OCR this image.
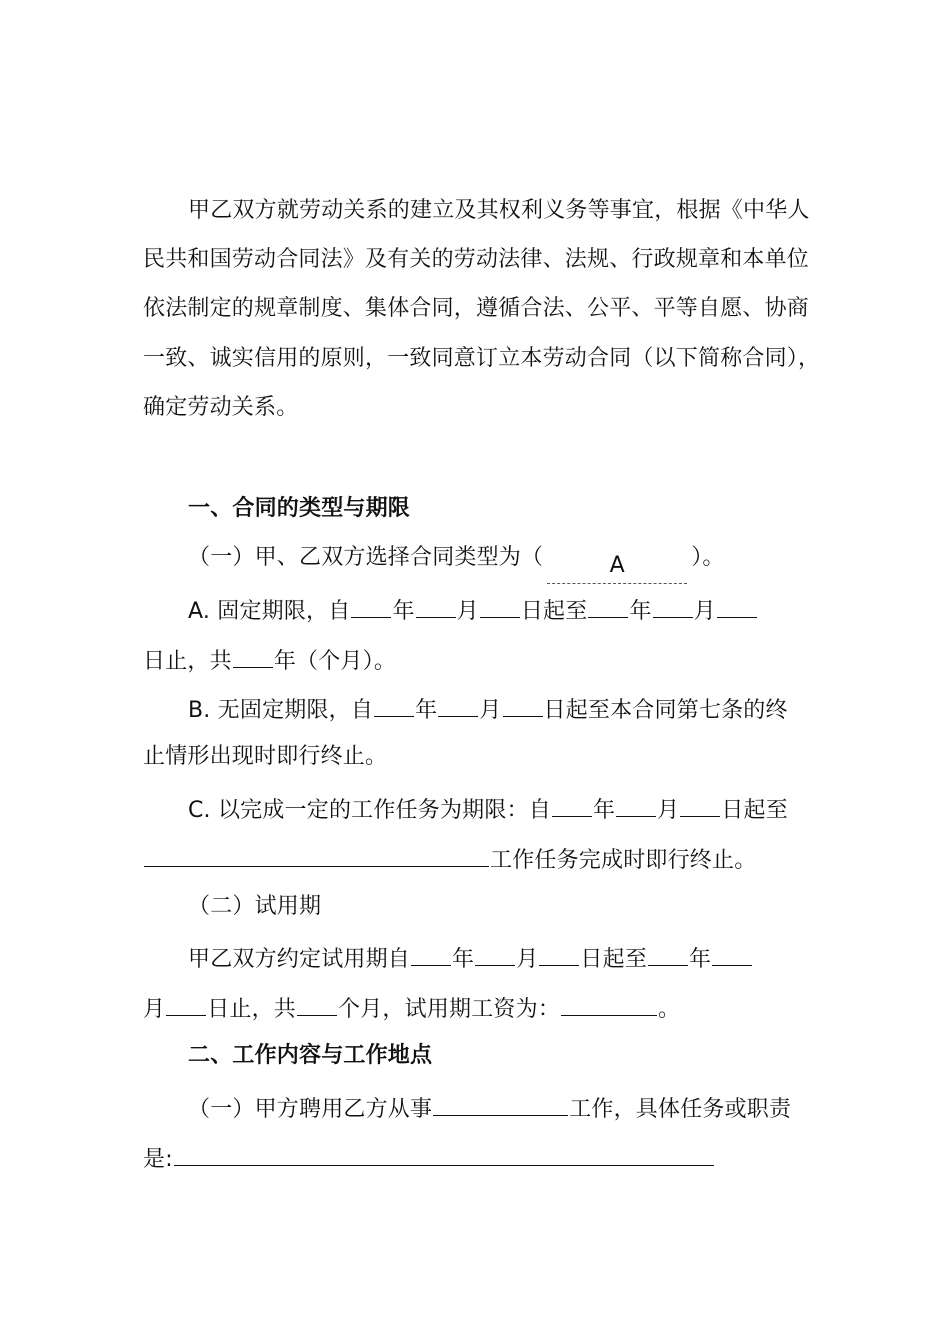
甲乙双方就劳动关系的建立及其权利义务等事宜，根据《中华人
民共和国劳动合同法》及有关的劳动法律、法规、行政规章和本单位
依法制定的规章制度、集体合同，遵循合法、公平、平等自愿、协商
一致、诚实信用的原则，一致同意订立本劳动合同（以下简称合同），
确定劳动关系。
一、合同的类型与期限
（一）甲、乙双方选择合同类型为（	A	）。
A. 固定期限，自 年 月 日起至 年 月
日止，共 年（个月）。
B. 无固定期限，自 年 月 日起至本合同第七条的终
止情形出现时即行终止。
C. 以完成一定的工作任务为期限：自 年 月 日起至
工作任务完成时即行终止。
（二）试用期
甲乙双方约定试用期自 年 月 日起至 年
月 日止，共 个月，试用期工资为：	。
二、工作内容与工作地点
（一）甲方聘用乙方从事	工作，具体任务或职责
是:
